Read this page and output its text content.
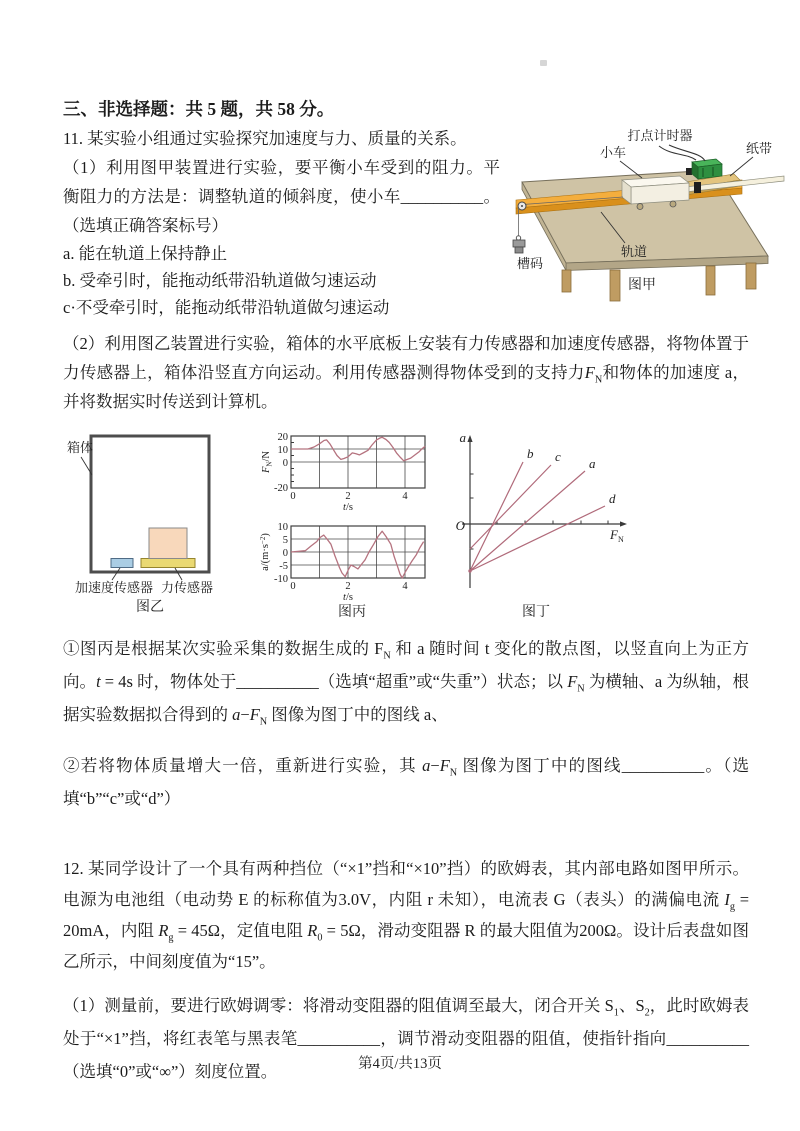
三、非选择题：共 5 题，共 58 分。
打点计时器
小车	纸带
轨道
槽码
图甲

11. 某实验小组通过实验探究加速度与力、质量的关系。

（1）利用图甲装置进行实验，要平衡小车受到的阻力。平衡阻力的方法是：调整轨道的倾斜度，使小车__________。（选填正确答案标号）

a. 能在轨道上保持静止

b. 受牵引时，能拖动纸带沿轨道做匀速运动

c·不受牵引时，能拖动纸带沿轨道做匀速运动

（2）利用图乙装置进行实验，箱体的水平底板上安装有力传感器和加速度传感器，将物体置于力传感器上，箱体沿竖直方向运动。利用传感器测得物体受到的支持力$F_N$和物体的加速度 a，并将数据实时传送到计算机。

箱体
加速度传感器 力传感器
图乙
20
10
0
-20
0	2	4
t/s
$F_N/N$
10
5
0
-5
-10
0	2	4
t/s
$a/(m\cdot s^{-2})$
图丙
a
O
$F_N$
b c a
d
图丁

①图丙是根据某次实验采集的数据生成的 $F_N$ 和 a 随时间 t 变化的散点图，以竖直向上为正方向。t = 4s 时，物体处于__________（选填“超重”或“失重”）状态；以 $F_N$ 为横轴、a 为纵轴，根据实验数据拟合得到的 $a-F_N$ 图像为图丁中的图线 a、

②若将物体质量增大一倍，重新进行实验，其 $a-F_N$ 图像为图丁中的图线__________。（选填“b”“c”或“d”）

12. 某同学设计了一个具有两种挡位（“×1”挡和“×10”挡）的欧姆表，其内部电路如图甲所示。电源为电池组（电动势 E 的标称值为3.0V，内阻 r 未知），电流表 G（表头）的满偏电流 $I_g = 20mA$，内阻 $R_g = 45\Omega$，定值电阻 $R_0 = 5\Omega$，滑动变阻器 R 的最大阻值为200Ω。设计后表盘如图乙所示，中间刻度值为“15”。

（1）测量前，要进行欧姆调零：将滑动变阻器的阻值调至最大，闭合开关 $S_1$、$S_2$，此时欧姆表处于“×1”挡，将红表笔与黑表笔__________，调节滑动变阻器的阻值，使指针指向__________（选填“0”或“∞”）刻度位置。	第4页/共13页
